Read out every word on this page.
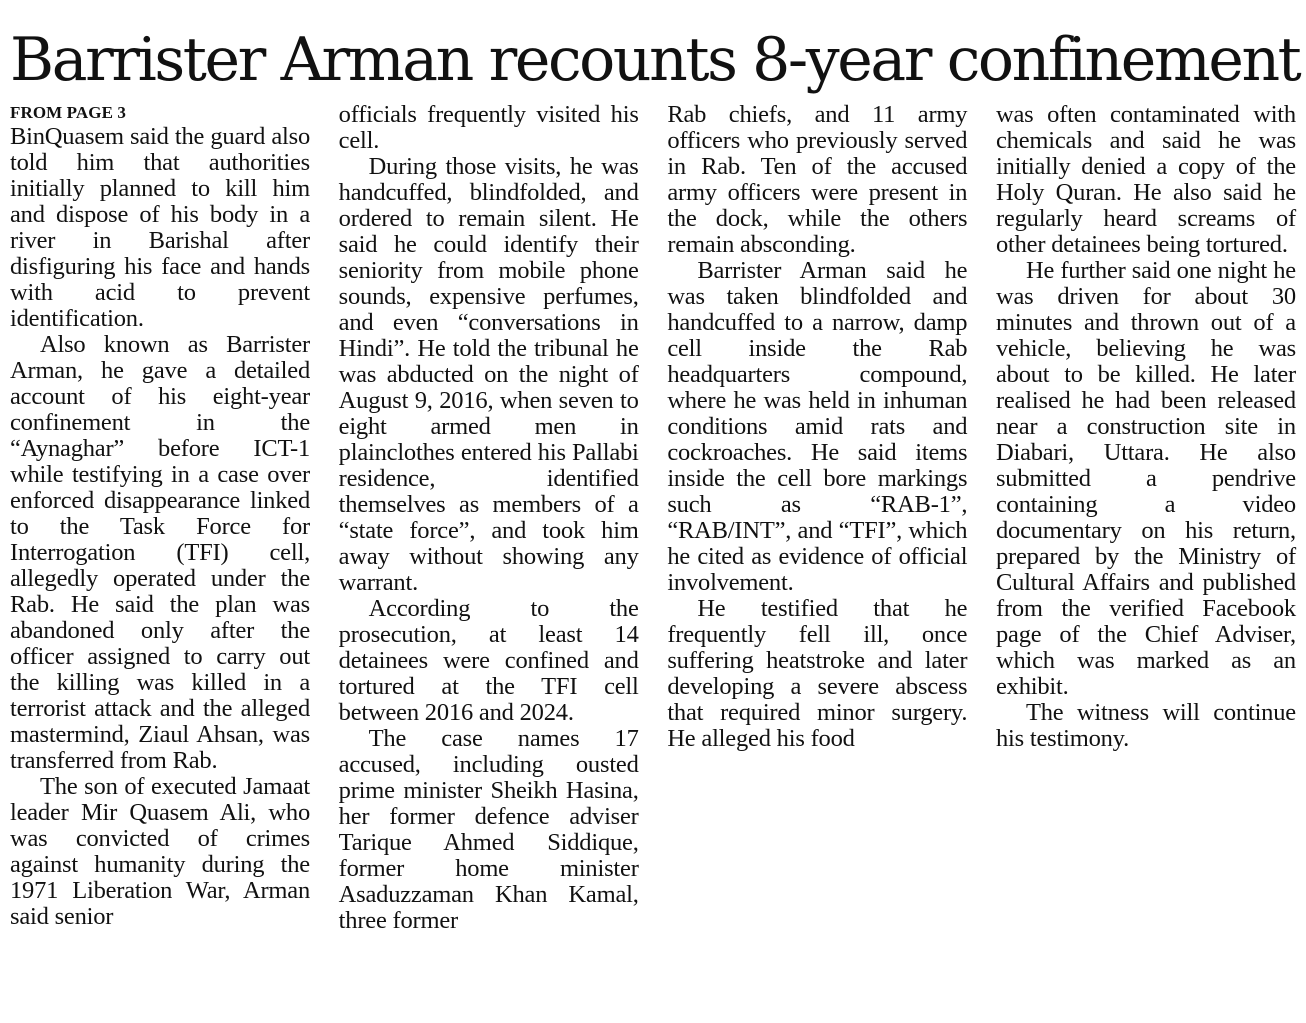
Barrister Arman recounts 8-year confinement
FROM PAGE 3

BinQuasem said the guard also told him that authorities initially planned to kill him and dispose of his body in a river in Barishal after disfiguring his face and hands with acid to prevent identification.

Also known as Barrister Arman, he gave a detailed account of his eight-year confinement in the “Aynaghar” before ICT-1 while testifying in a case over enforced disappearance linked to the Task Force for Interrogation (TFI) cell, allegedly operated under the Rab. He said the plan was abandoned only after the officer assigned to carry out the killing was killed in a terrorist attack and the alleged mastermind, Ziaul Ahsan, was transferred from Rab.

The son of executed Jamaat leader Mir Quasem Ali, who was convicted of crimes against humanity during the 1971 Liberation War, Arman said senior

officials frequently visited his cell.

During those visits, he was handcuffed, blindfolded, and ordered to remain silent. He said he could identify their seniority from mobile phone sounds, expensive perfumes, and even “conversations in Hindi”. He told the tribunal he was abducted on the night of August 9, 2016, when seven to eight armed men in plainclothes entered his Pallabi residence, identified themselves as members of a “state force”, and took him away without showing any warrant.

According to the prosecution, at least 14 detainees were confined and tortured at the TFI cell between 2016 and 2024.

The case names 17 accused, including ousted prime minister Sheikh Hasina, her former defence adviser Tarique Ahmed Siddique, former home minister Asaduzzaman Khan Kamal, three former

Rab chiefs, and 11 army officers who previously served in Rab. Ten of the accused army officers were present in the dock, while the others remain absconding.

Barrister Arman said he was taken blindfolded and handcuffed to a narrow, damp cell inside the Rab headquarters compound, where he was held in inhuman conditions amid rats and cockroaches. He said items inside the cell bore markings such as “RAB-1”, “RAB/INT”, and “TFI”, which he cited as evidence of official involvement.

He testified that he frequently fell ill, once suffering heatstroke and later developing a severe abscess that required minor surgery. He alleged his food

was often contaminated with chemicals and said he was initially denied a copy of the Holy Quran. He also said he regularly heard screams of other detainees being tortured.

He further said one night he was driven for about 30 minutes and thrown out of a vehicle, believing he was about to be killed. He later realised he had been released near a construction site in Diabari, Uttara. He also submitted a pendrive containing a video documentary on his return, prepared by the Ministry of Cultural Affairs and published from the verified Facebook page of the Chief Adviser, which was marked as an exhibit.

The witness will continue his testimony.
